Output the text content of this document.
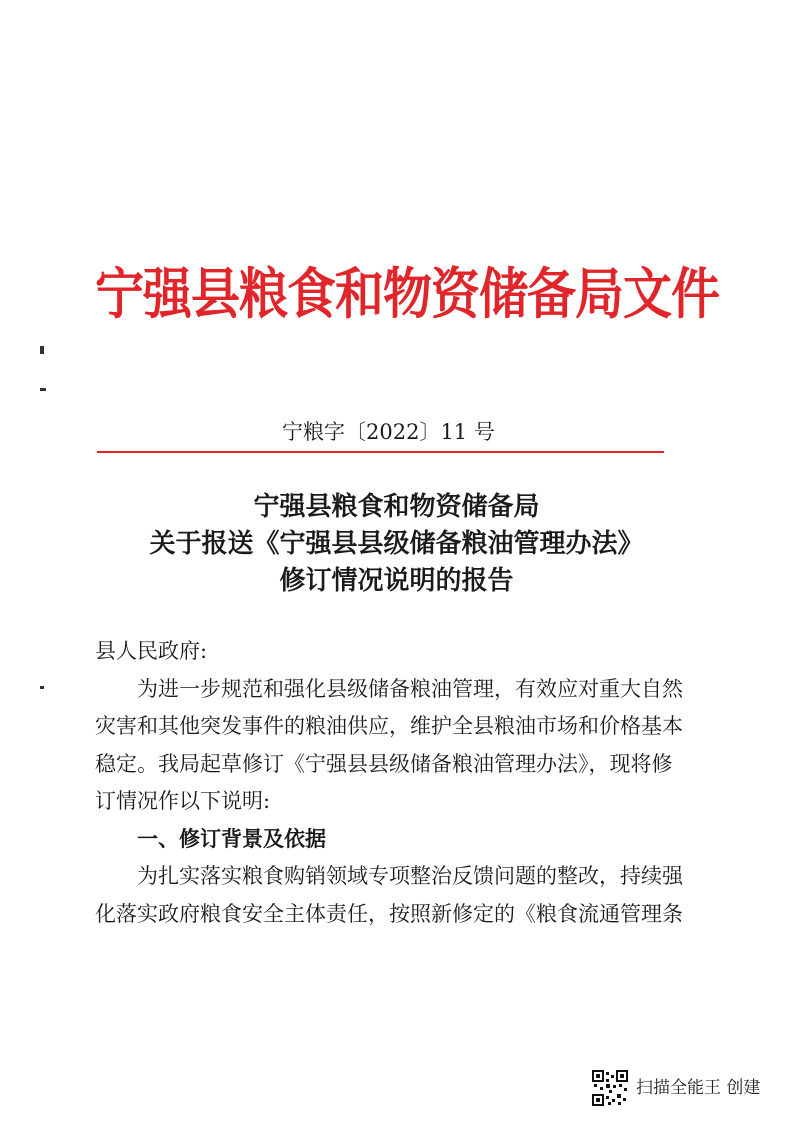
宁强县粮食和物资储备局文件
宁粮字〔2022〕11 号
宁强县粮食和物资储备局
关于报送《宁强县县级储备粮油管理办法》
修订情况说明的报告

县人民政府:

为进一步规范和强化县级储备粮油管理，有效应对重大自然

灾害和其他突发事件的粮油供应，维护全县粮油市场和价格基本

稳定。我局起草修订《宁强县县级储备粮油管理办法》，现将修

订情况作以下说明:

一、修订背景及依据

为扎实落实粮食购销领域专项整治反馈问题的整改，持续强

化落实政府粮食安全主体责任，按照新修定的《粮食流通管理条

扫描全能王 创建
